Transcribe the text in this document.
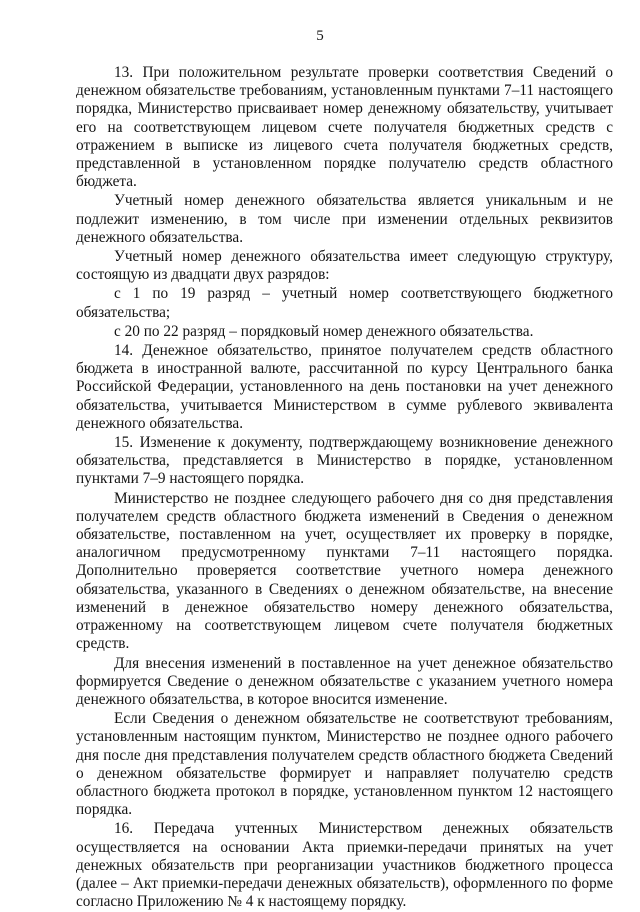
5

13. При положительном результате проверки соответствия Сведений о денежном обязательстве требованиям, установленным пунктами 7–11 настоящего порядка, Министерство присваивает номер денежному обязательству, учитывает его на соответствующем лицевом счете получателя бюджетных средств с отражением в выписке из лицевого счета получателя бюджетных средств, представленной в установленном порядке получателю средств областного бюджета.

Учетный номер денежного обязательства является уникальным и не подлежит изменению, в том числе при изменении отдельных реквизитов денежного обязательства.

Учетный номер денежного обязательства имеет следующую структуру, состоящую из двадцати двух разрядов:

с 1 по 19 разряд – учетный номер соответствующего бюджетного обязательства;

с 20 по 22 разряд – порядковый номер денежного обязательства.

14. Денежное обязательство, принятое получателем средств областного бюджета в иностранной валюте, рассчитанной по курсу Центрального банка Российской Федерации, установленного на день постановки на учет денежного обязательства, учитывается Министерством в сумме рублевого эквивалента денежного обязательства.

15. Изменение к документу, подтверждающему возникновение денежного обязательства, представляется в Министерство в порядке, установленном пунктами 7–9 настоящего порядка.

Министерство не позднее следующего рабочего дня со дня представления получателем средств областного бюджета изменений в Сведения о денежном обязательстве, поставленном на учет, осуществляет их проверку в порядке, аналогичном предусмотренному пунктами 7–11 настоящего порядка. Дополнительно проверяется соответствие учетного номера денежного обязательства, указанного в Сведениях о денежном обязательстве, на внесение изменений в денежное обязательство номеру денежного обязательства, отраженному на соответствующем лицевом счете получателя бюджетных средств.

Для внесения изменений в поставленное на учет денежное обязательство формируется Сведение о денежном обязательстве с указанием учетного номера денежного обязательства, в которое вносится изменение.

Если Сведения о денежном обязательстве не соответствуют требованиям, установленным настоящим пунктом, Министерство не позднее одного рабочего дня после дня представления получателем средств областного бюджета Сведений о денежном обязательстве формирует и направляет получателю средств областного бюджета протокол в порядке, установленном пунктом 12 настоящего порядка.

16. Передача учтенных Министерством денежных обязательств осуществляется на основании Акта приемки-передачи принятых на учет денежных обязательств при реорганизации участников бюджетного процесса (далее – Акт приемки-передачи денежных обязательств), оформленного по форме согласно Приложению № 4 к настоящему порядку.
